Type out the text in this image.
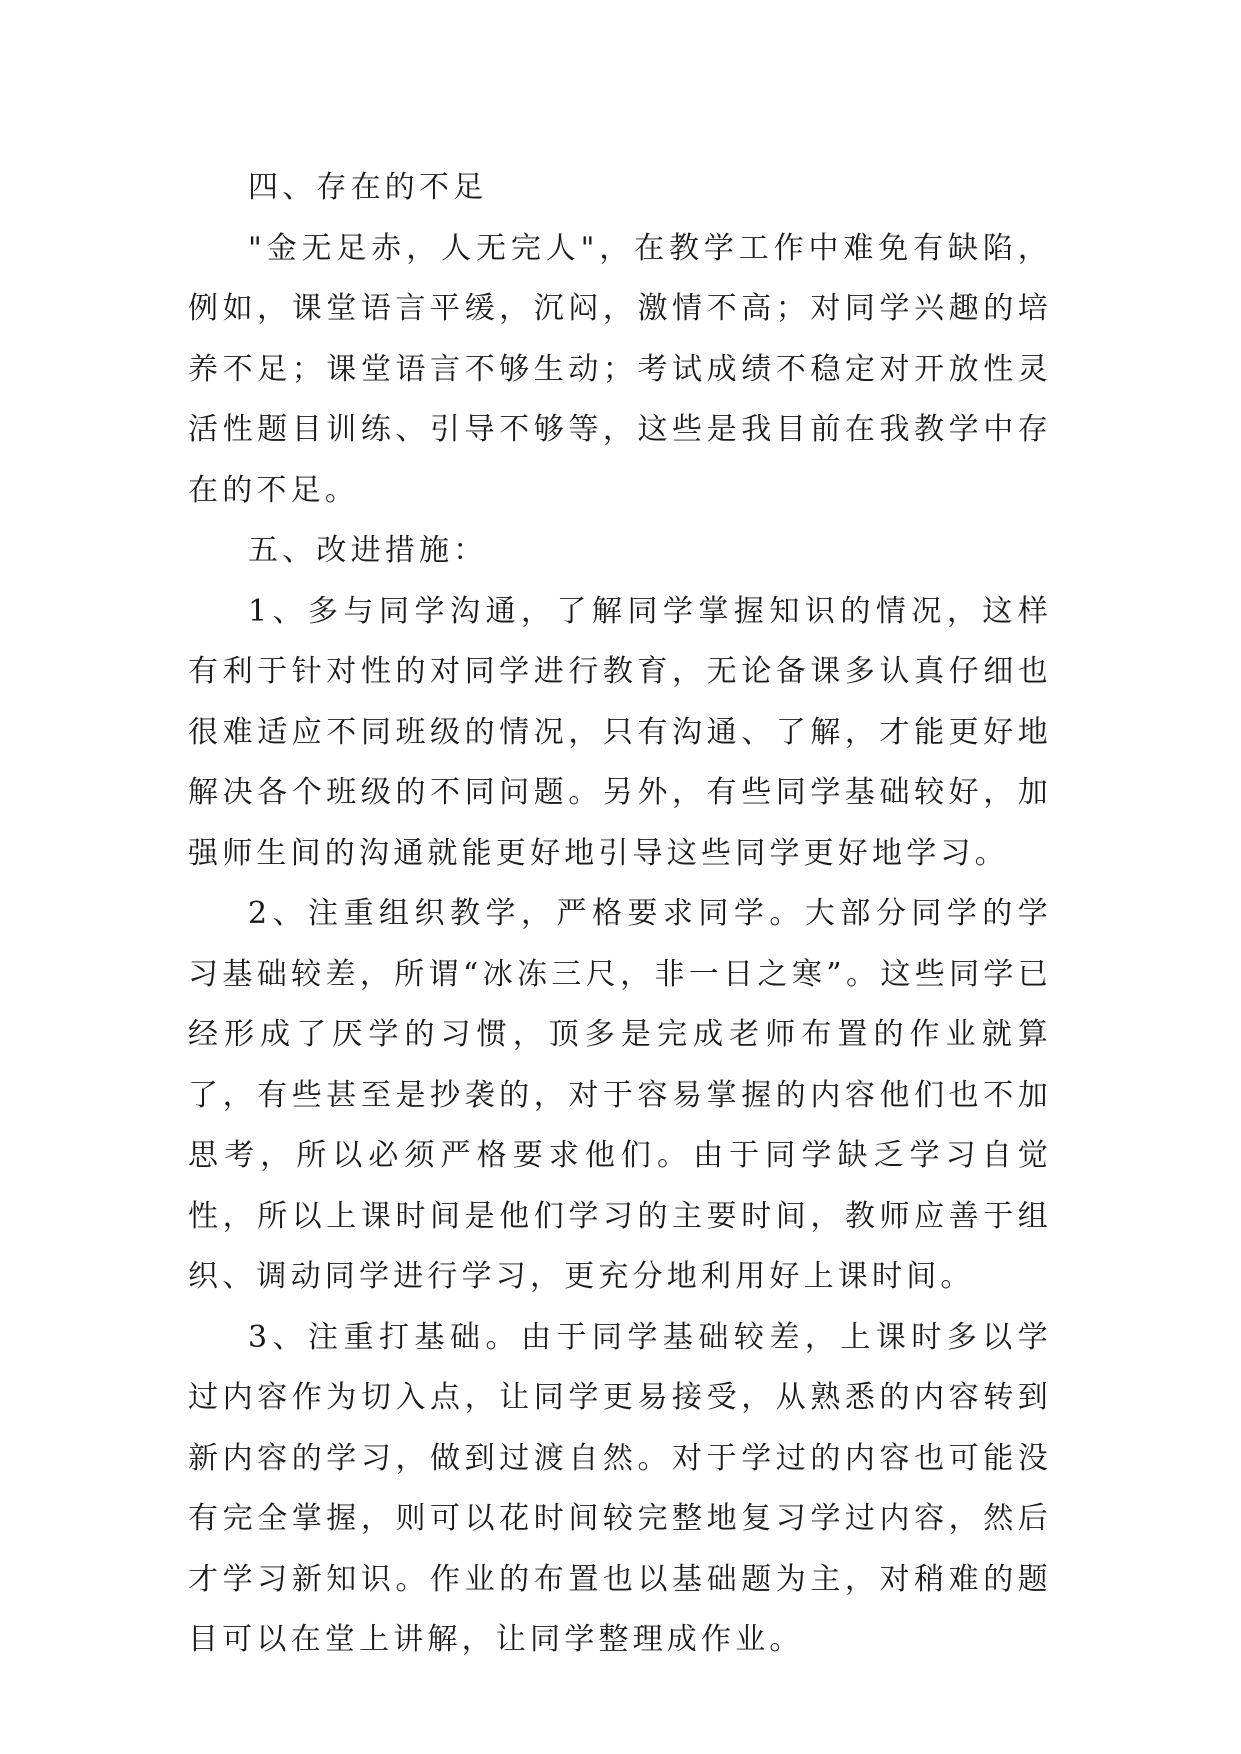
四、存在的不足

"金无足赤，人无完人"，在教学工作中难免有缺陷，例如，课堂语言平缓，沉闷，激情不高；对同学兴趣的培养不足；课堂语言不够生动；考试成绩不稳定对开放性灵活性题目训练、引导不够等，这些是我目前在我教学中存在的不足。

五、改进措施：

1、多与同学沟通，了解同学掌握知识的情况，这样有利于针对性的对同学进行教育，无论备课多认真仔细也很难适应不同班级的情况，只有沟通、了解，才能更好地解决各个班级的不同问题。另外，有些同学基础较好，加强师生间的沟通就能更好地引导这些同学更好地学习。

2、注重组织教学，严格要求同学。大部分同学的学习基础较差，所谓“冰冻三尺，非一日之寒”。这些同学已经形成了厌学的习惯，顶多是完成老师布置的作业就算了，有些甚至是抄袭的，对于容易掌握的内容他们也不加思考，所以必须严格要求他们。由于同学缺乏学习自觉性，所以上课时间是他们学习的主要时间，教师应善于组织、调动同学进行学习，更充分地利用好上课时间。

3、注重打基础。由于同学基础较差，上课时多以学过内容作为切入点，让同学更易接受，从熟悉的内容转到新内容的学习，做到过渡自然。对于学过的内容也可能没有完全掌握，则可以花时间较完整地复习学过内容，然后才学习新知识。作业的布置也以基础题为主，对稍难的题目可以在堂上讲解，让同学整理成作业。
